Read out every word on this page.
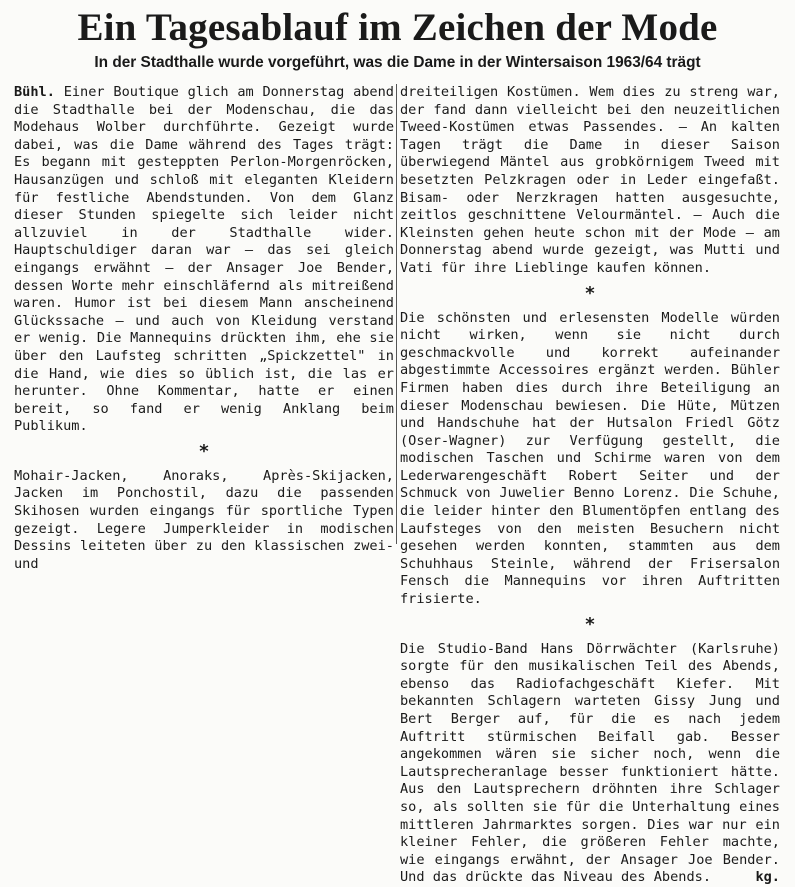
Ein Tagesablauf im Zeichen der Mode
In der Stadthalle wurde vorgeführt, was die Dame in der Wintersaison 1963/64 trägt

Bühl. Einer Boutique glich am Donnerstag abend die Stadthalle bei der Modenschau, die das Modehaus Wolber durchführte. Gezeigt wurde dabei, was die Dame während des Tages trägt: Es begann mit gesteppten Perlon-Morgenröcken, Hausanzügen und schloß mit eleganten Kleidern für festliche Abendstunden. Von dem Glanz dieser Stunden spiegelte sich leider nicht allzuviel in der Stadthalle wider. Hauptschuldiger daran war — das sei gleich eingangs erwähnt — der Ansager Joe Bender, dessen Worte mehr einschläfernd als mitreißend waren. Humor ist bei diesem Mann anscheinend Glückssache — und auch von Kleidung verstand er wenig. Die Mannequins drückten ihm, ehe sie über den Laufsteg schritten „Spickzettel" in die Hand, wie dies so üblich ist, die las er herunter. Ohne Kommentar, hatte er einen bereit, so fand er wenig Anklang beim Publikum.

*

Mohair-Jacken, Anoraks, Après-Skijacken, Jacken im Ponchostil, dazu die passenden Skihosen wurden eingangs für sportliche Typen gezeigt. Legere Jumperkleider in modischen Dessins leiteten über zu den klassischen zwei- und

dreiteiligen Kostümen. Wem dies zu streng war, der fand dann vielleicht bei den neuzeitlichen Tweed-Kostümen etwas Passendes. — An kalten Tagen trägt die Dame in dieser Saison überwiegend Mäntel aus grobkörnigem Tweed mit besetzten Pelzkragen oder in Leder eingefaßt. Bisam- oder Nerzkragen hatten ausgesuchte, zeitlos geschnittene Velourmäntel. — Auch die Kleinsten gehen heute schon mit der Mode — am Donnerstag abend wurde gezeigt, was Mutti und Vati für ihre Lieblinge kaufen können.

*

Die schönsten und erlesensten Modelle würden nicht wirken, wenn sie nicht durch geschmackvolle und korrekt aufeinander abgestimmte Accessoires ergänzt werden. Bühler Firmen haben dies durch ihre Beteiligung an dieser Modenschau bewiesen. Die Hüte, Mützen und Handschuhe hat der Hutsalon Friedl Götz (Oser-Wagner) zur Verfügung gestellt, die modischen Taschen und Schirme waren von dem Lederwarengeschäft Robert Seiter und der Schmuck von Juwelier Benno Lorenz. Die Schuhe, die leider hinter den Blumentöpfen entlang des Laufsteges von den meisten Besuchern nicht gesehen werden konnten, stammten aus dem Schuhhaus Steinle, während der Frisersalon Fensch die Mannequins vor ihren Auftritten frisierte.

*

Die Studio-Band Hans Dörrwächter (Karlsruhe) sorgte für den musikalischen Teil des Abends, ebenso das Radiofachgeschäft Kiefer. Mit bekannten Schlagern warteten Gissy Jung und Bert Berger auf, für die es nach jedem Auftritt stürmischen Beifall gab. Besser angekommen wären sie sicher noch, wenn die Lautsprecheranlage besser funktioniert hätte. Aus den Lautsprechern dröhnten ihre Schlager so, als sollten sie für die Unterhaltung eines mittleren Jahrmarktes sorgen. Dies war nur ein kleiner Fehler, die größeren Fehler machte, wie eingangs erwähnt, der Ansager Joe Bender. Und das drückte das Niveau des Abends.	kg.
